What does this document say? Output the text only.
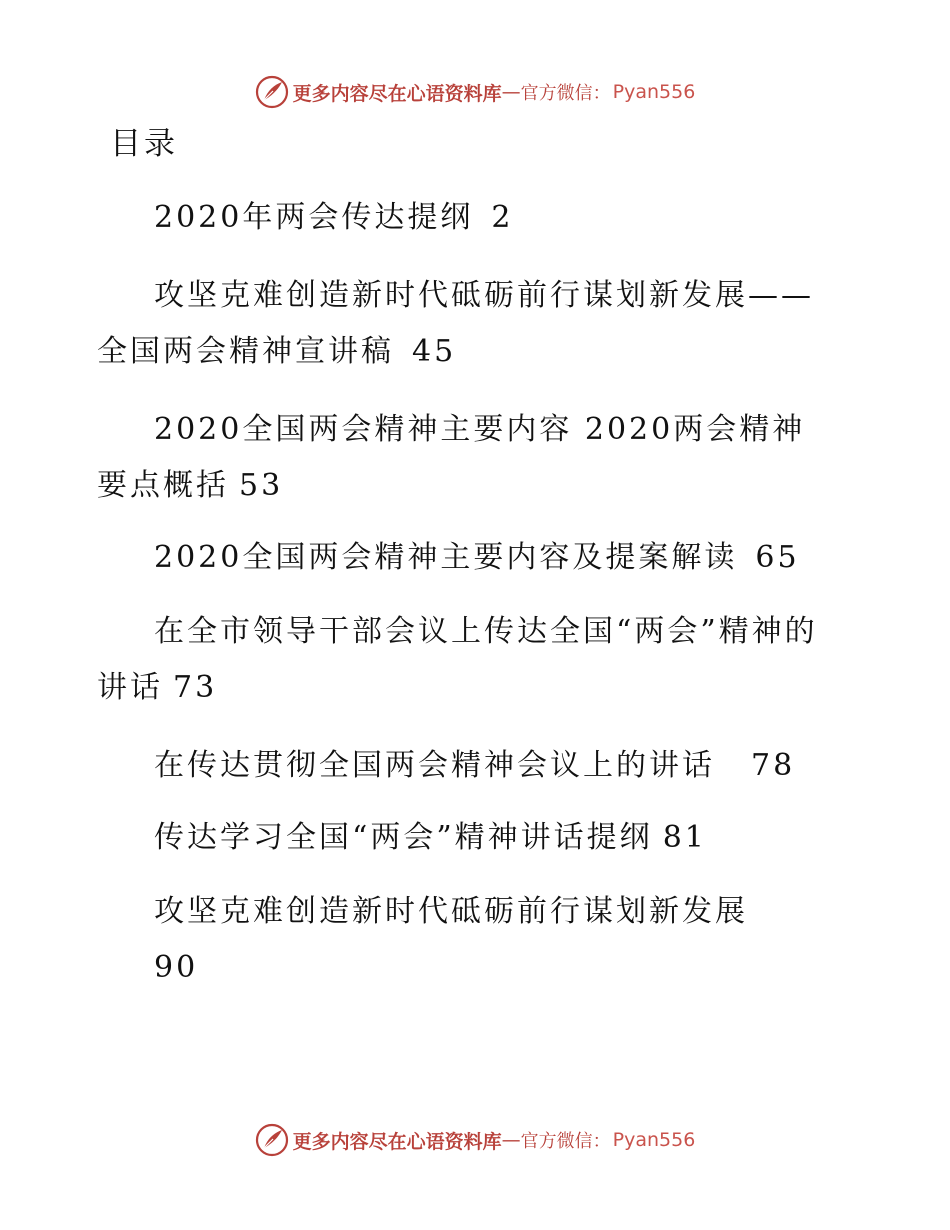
更多内容尽在心语资料库 — 官方微信： Pyan556
目录
2020年两会传达提纲 2
攻坚克难创造新时代砥砺前行谋划新发展——全国两会精神宣讲稿 45
2020全国两会精神主要内容 2020两会精神要点概括 53
2020全国两会精神主要内容及提案解读 65
在全市领导干部会议上传达全国“两会”精神的讲话 73
在传达贯彻全国两会精神会议上的讲话 78
传达学习全国“两会”精神讲话提纲 81
攻坚克难创造新时代砥砺前行谋划新发展
90
更多内容尽在心语资料库 — 官方微信： Pyan556
